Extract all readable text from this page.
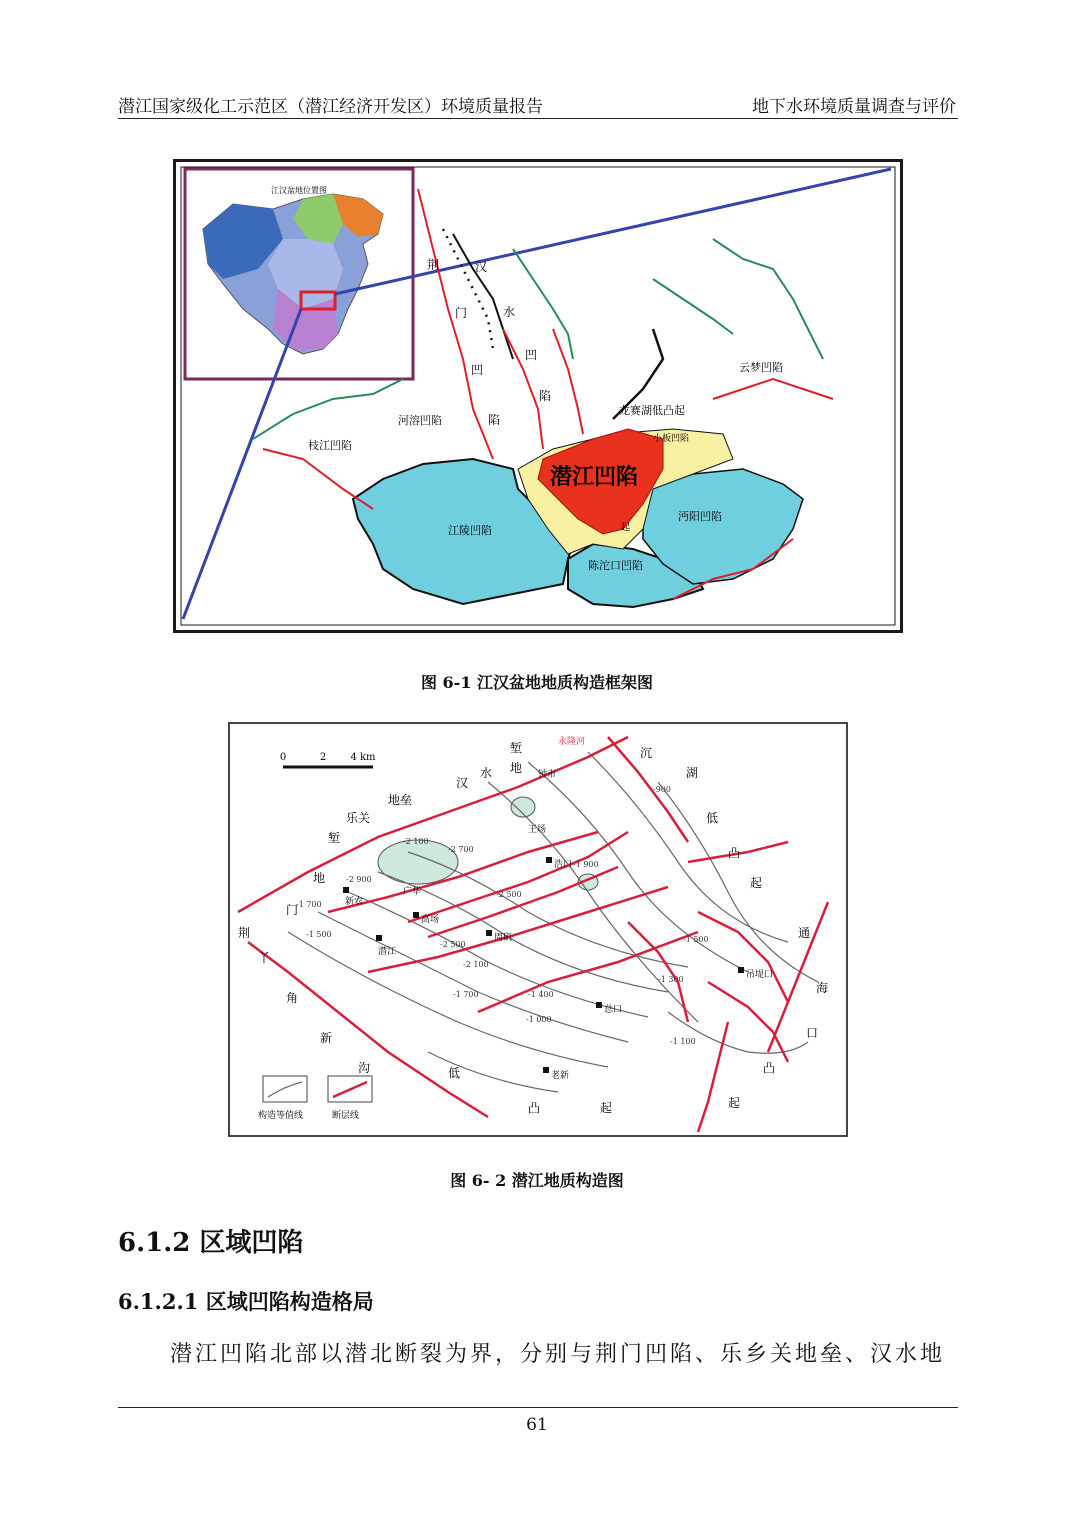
潜江国家级化工示范区（潜江经济开发区）环境质量报告	地下水环境质量调查与评价
江汉盆地位置图
荆
门
凹
陷
汉
水
凹
陷
云梦凹陷
龙赛湖低凸起
河溶凹陷
枝江凹陷
潜江凹陷
江陵凹陷
沔阳凹陷
陈沱口凹陷
小板凹陷
起
图 6-1 江汉盆地地质构造框架图
0	2 4 km
新农
广华
高场
潜江
周矶
浩口
总口
老新
吊堤口
王场
钟市
荆
门
地
堑
乐关
地垒
汉
水 地
堑	沉
湖
低
凸
起
通
海
口
凸
起
低
凸	起
丫
角
新
沟
永隆河
-2 100
-2 700
-2 900
-2 500
-1 700
-1 900
-1 500
-1 400
-1 300
-1 000
-1 100
-1 500
-900
-2 500
-1 700
-2 100
构造等值线	断层线
图 6- 2 潜江地质构造图
6.1.2 区域凹陷
6.1.2.1 区域凹陷构造格局
潜江凹陷北部以潜北断裂为界，分别与荆门凹陷、乐乡关地垒、汉水地
61
